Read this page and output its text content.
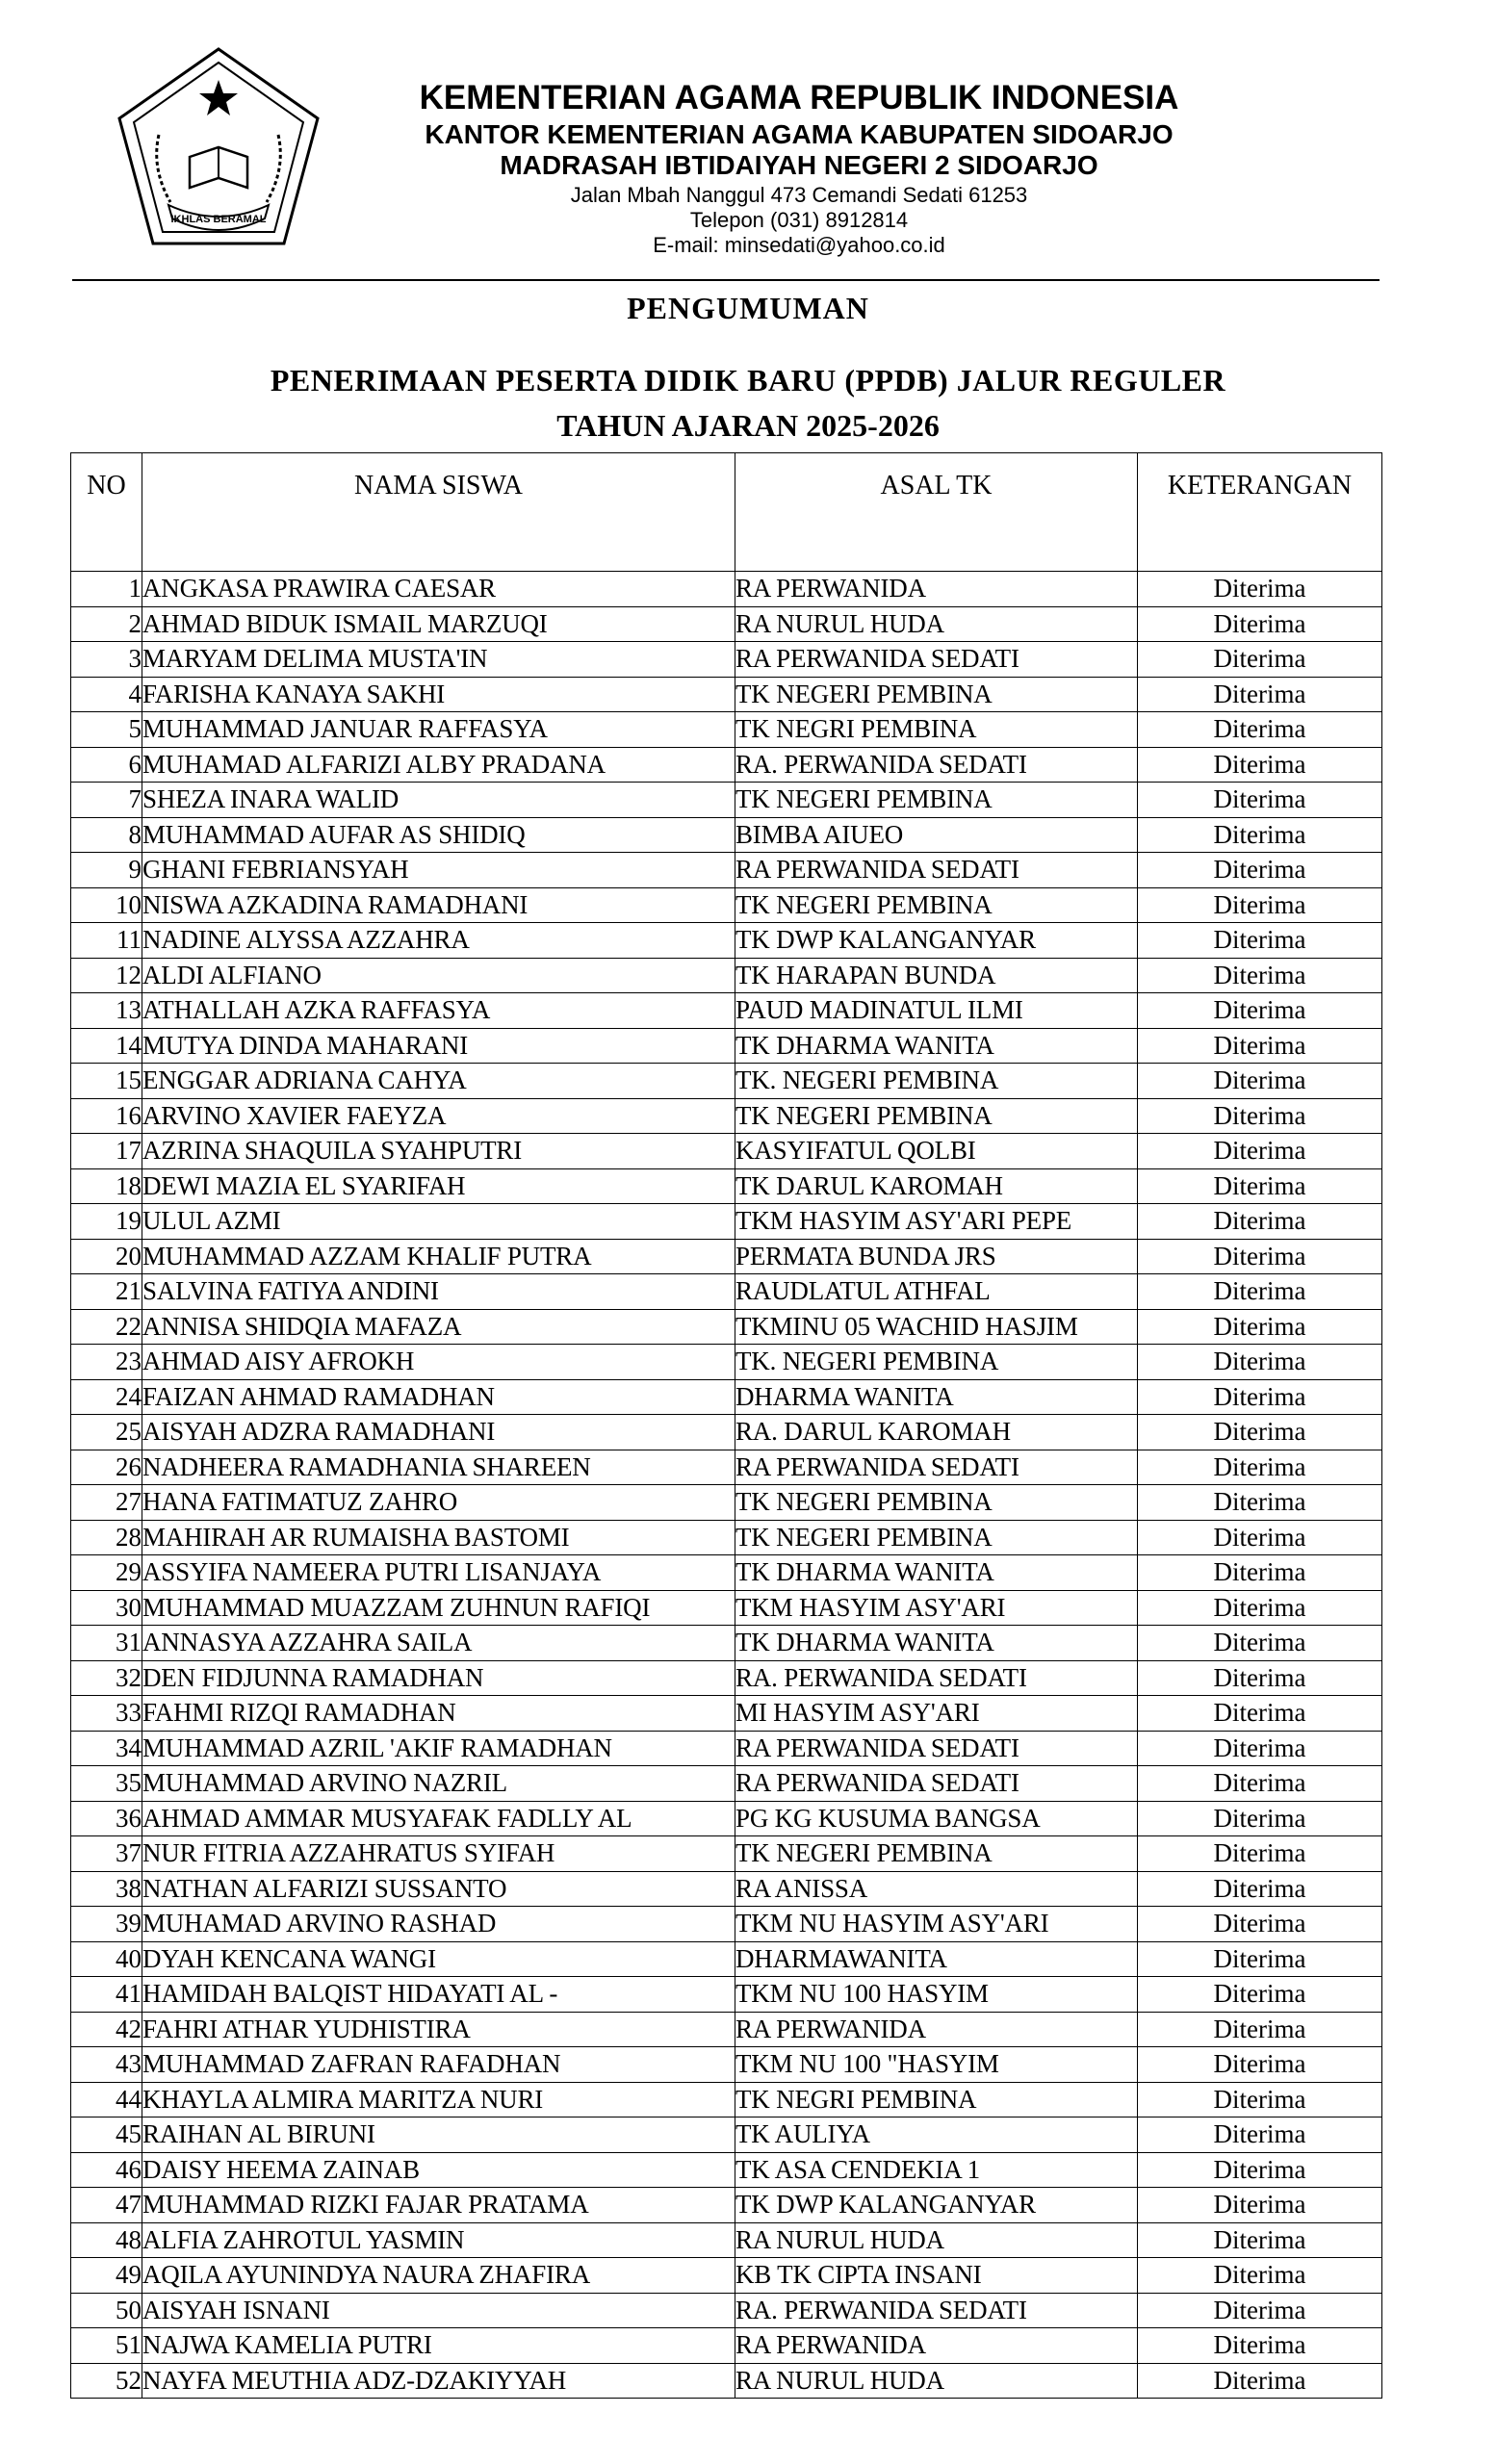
IKHLAS BERAMAL
KEMENTERIAN AGAMA REPUBLIK INDONESIA
KANTOR KEMENTERIAN AGAMA KABUPATEN SIDOARJO
MADRASAH IBTIDAIYAH NEGERI 2 SIDOARJO
Jalan Mbah Nanggul 473 Cemandi Sedati 61253
Telepon (031) 8912814
E-mail: minsedati@yahoo.co.id
PENGUMUMAN
PENERIMAAN PESERTA DIDIK BARU (PPDB) JALUR REGULER
TAHUN AJARAN 2025-2026
NO	NAMA SISWA	ASAL TK	KETERANGAN
1	ANGKASA PRAWIRA CAESAR	RA PERWANIDA	Diterima
2	AHMAD BIDUK ISMAIL MARZUQI	RA NURUL HUDA	Diterima
3	MARYAM DELIMA MUSTA'IN	RA PERWANIDA SEDATI	Diterima
4	FARISHA KANAYA SAKHI	TK NEGERI PEMBINA	Diterima
5	MUHAMMAD JANUAR RAFFASYA	TK NEGRI PEMBINA	Diterima
6	MUHAMAD ALFARIZI ALBY PRADANA	RA. PERWANIDA SEDATI	Diterima
7	SHEZA INARA WALID	TK NEGERI PEMBINA	Diterima
8	MUHAMMAD AUFAR AS SHIDIQ	BIMBA AIUEO	Diterima
9	GHANI FEBRIANSYAH	RA PERWANIDA SEDATI	Diterima
10	NISWA AZKADINA RAMADHANI	TK NEGERI PEMBINA	Diterima
11	NADINE ALYSSA AZZAHRA	TK DWP KALANGANYAR	Diterima
12	ALDI ALFIANO	TK HARAPAN BUNDA	Diterima
13	ATHALLAH AZKA RAFFASYA	PAUD MADINATUL ILMI	Diterima
14	MUTYA DINDA MAHARANI	TK DHARMA WANITA	Diterima
15	ENGGAR ADRIANA CAHYA	TK. NEGERI PEMBINA	Diterima
16	ARVINO XAVIER FAEYZA	TK NEGERI PEMBINA	Diterima
17	AZRINA SHAQUILA SYAHPUTRI	KASYIFATUL QOLBI	Diterima
18	DEWI MAZIA EL SYARIFAH	TK DARUL KAROMAH	Diterima
19	ULUL AZMI	TKM HASYIM ASY'ARI PEPE	Diterima
20	MUHAMMAD AZZAM KHALIF PUTRA	PERMATA BUNDA JRS	Diterima
21	SALVINA FATIYA ANDINI	RAUDLATUL ATHFAL	Diterima
22	ANNISA SHIDQIA MAFAZA	TKMINU 05 WACHID HASJIM	Diterima
23	AHMAD AISY AFROKH	TK. NEGERI PEMBINA	Diterima
24	FAIZAN AHMAD RAMADHAN	DHARMA WANITA	Diterima
25	AISYAH ADZRA RAMADHANI	RA. DARUL KAROMAH	Diterima
26	NADHEERA RAMADHANIA SHAREEN	RA PERWANIDA SEDATI	Diterima
27	HANA FATIMATUZ ZAHRO	TK NEGERI PEMBINA	Diterima
28	MAHIRAH AR RUMAISHA BASTOMI	TK NEGERI PEMBINA	Diterima
29	ASSYIFA NAMEERA PUTRI LISANJAYA	TK DHARMA WANITA	Diterima
30	MUHAMMAD MUAZZAM ZUHNUN RAFIQI	TKM HASYIM ASY'ARI	Diterima
31	ANNASYA AZZAHRA SAILA	TK DHARMA WANITA	Diterima
32	DEN FIDJUNNA RAMADHAN	RA. PERWANIDA SEDATI	Diterima
33	FAHMI RIZQI RAMADHAN	MI HASYIM ASY'ARI	Diterima
34	MUHAMMAD AZRIL 'AKIF RAMADHAN	RA PERWANIDA SEDATI	Diterima
35	MUHAMMAD ARVINO NAZRIL	RA PERWANIDA SEDATI	Diterima
36	AHMAD AMMAR MUSYAFAK FADLLY AL	PG KG KUSUMA BANGSA	Diterima
37	NUR FITRIA AZZAHRATUS SYIFAH	TK NEGERI PEMBINA	Diterima
38	NATHAN ALFARIZI SUSSANTO	RA ANISSA	Diterima
39	MUHAMAD ARVINO RASHAD	TKM NU HASYIM ASY'ARI	Diterima
40	DYAH KENCANA WANGI	DHARMAWANITA	Diterima
41	HAMIDAH BALQIST HIDAYATI AL -	TKM NU 100 HASYIM	Diterima
42	FAHRI ATHAR YUDHISTIRA	RA PERWANIDA	Diterima
43	MUHAMMAD ZAFRAN RAFADHAN	TKM NU 100 "HASYIM	Diterima
44	KHAYLA ALMIRA MARITZA NURI	TK NEGRI PEMBINA	Diterima
45	RAIHAN AL BIRUNI	TK AULIYA	Diterima
46	DAISY HEEMA ZAINAB	TK ASA CENDEKIA 1	Diterima
47	MUHAMMAD RIZKI FAJAR PRATAMA	TK DWP KALANGANYAR	Diterima
48	ALFIA ZAHROTUL YASMIN	RA NURUL HUDA	Diterima
49	AQILA AYUNINDYA NAURA ZHAFIRA	KB TK CIPTA INSANI	Diterima
50	AISYAH ISNANI	RA. PERWANIDA SEDATI	Diterima
51	NAJWA KAMELIA PUTRI	RA PERWANIDA	Diterima
52	NAYFA MEUTHIA ADZ-DZAKIYYAH	RA NURUL HUDA	Diterima
